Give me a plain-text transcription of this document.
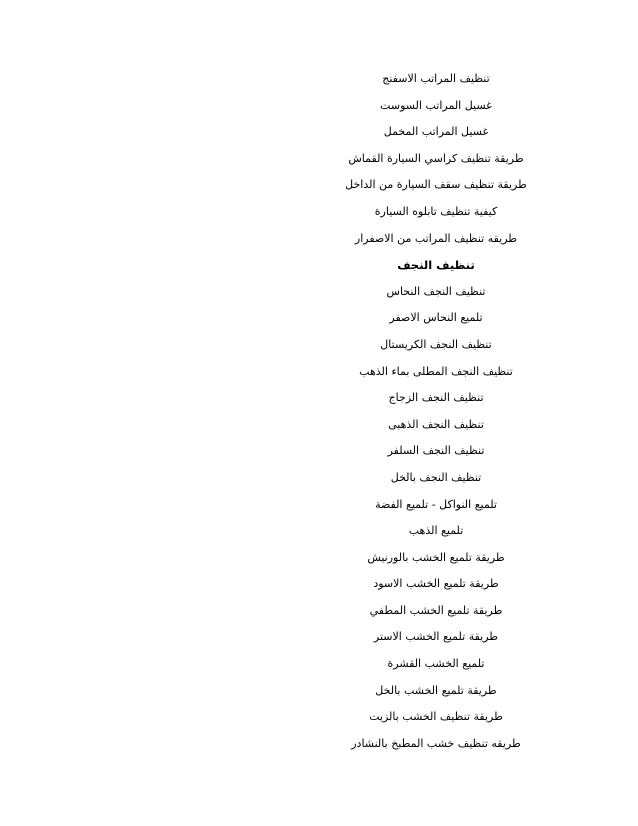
تنظيف المراتب الاسفنج
غسيل المراتب السوست
غسيل المراتب المخمل
طريقة تنظيف كراسي السيارة القماش
طريقة تنظيف سقف السيارة من الداخل
كيفية تنظيف تابلوه السيارة
طريقه تنظيف المراتب من الاصفرار
تنظيف النجف
تنظيف النجف النحاس
تلميع النحاس الاصفر
تنظيف النجف الكريستال
تنظيف النجف المطلى بماء الذهب
تنظيف النجف الزجاج
تنظيف النجف الذهبى
تنظيف النجف السلفر
تنظيف النجف بالخل
تلميع النواكل - تلميع الفضة
تلميع الذهب
طريقة تلميع الخشب بالورنيش
طريقة تلميع الخشب الاسود
طريقة تلميع الخشب المطفي
طريقة تلميع الخشب الاستر
تلميع الخشب القشرة
طريقة تلميع الخشب بالخل
طريقة تنظيف الخشب بالزيت
طريقه تنظيف خشب المطبخ بالنشادر
